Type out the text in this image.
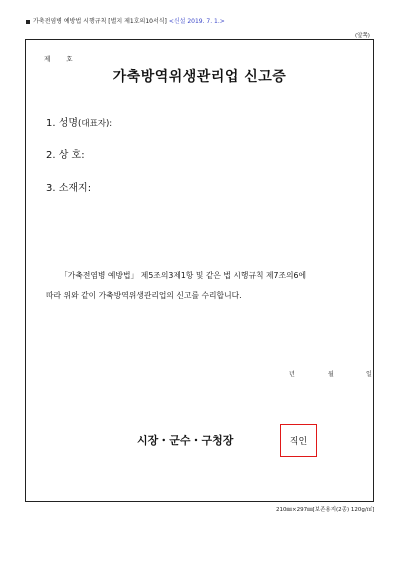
가축전염병 예방법 시행규칙 [별지 제1호의10서식] <신설 2019. 7. 1.>
(앞쪽)
제　　호
가축방역위생관리업 신고증
1. 성명(대표자):
2. 상 호:
3. 소재지:
「가축전염병 예방법」 제5조의3제1항 및 같은 법 시행규칙 제7조의6에
따라 위와 같이 가축방역위생관리업의 신고를 수리합니다.
년	월	일
시장・군수・구청장	직인
210㎜×297㎜[보존용지(2종) 120g/㎡]
